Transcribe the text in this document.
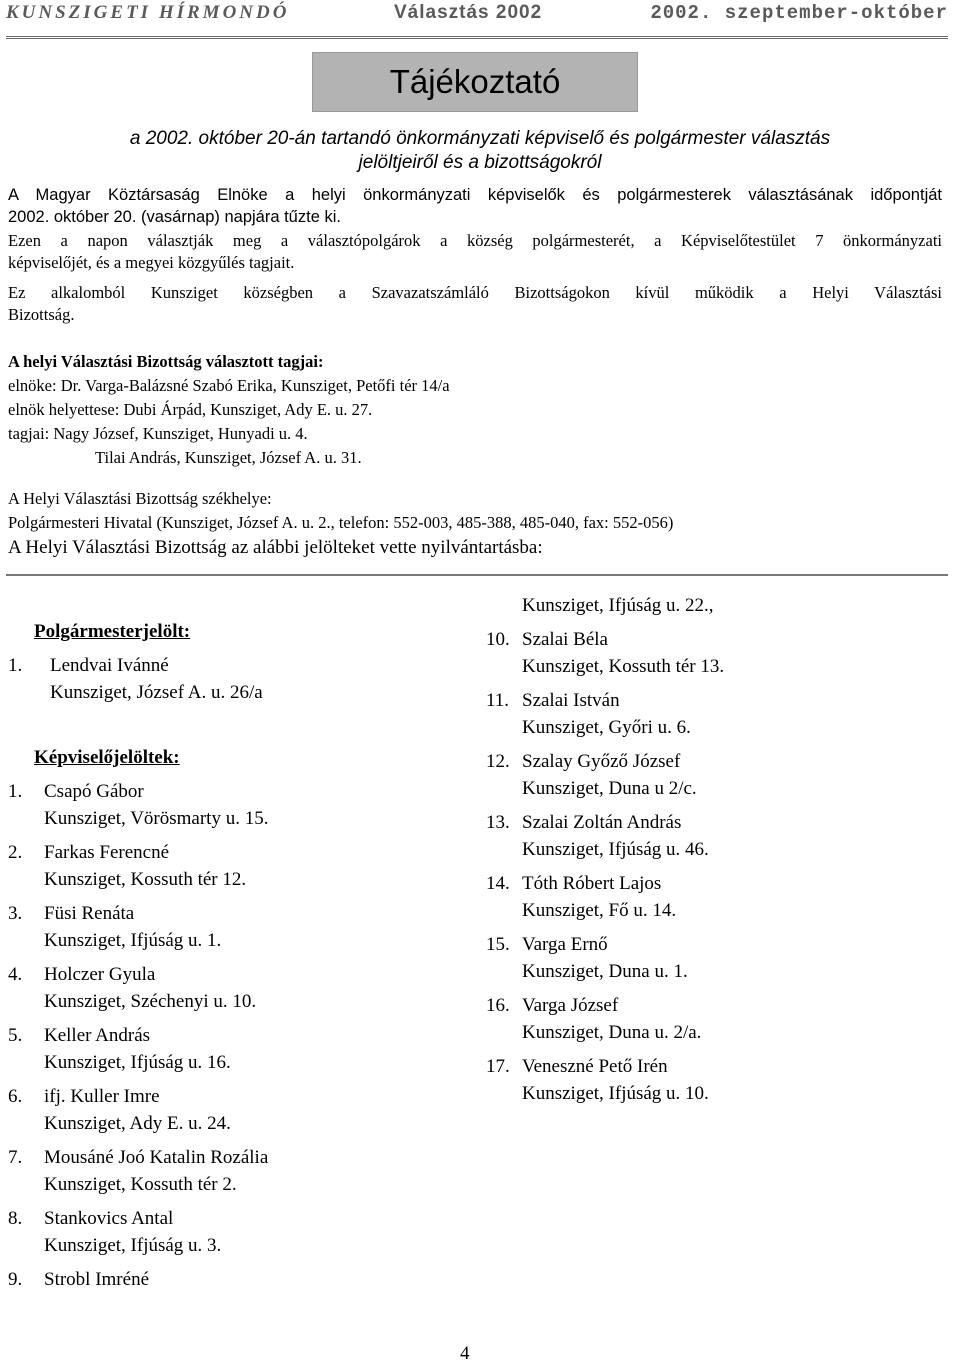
KUNSZIGETI HÍRMONDÓ	Választás 2002	2002. szeptember-október
Tájékoztató
a 2002. október 20-án tartandó önkormányzati képviselő és polgármester választás
jelöltjeiről és a bizottságokról
A Magyar Köztársaság Elnöke a helyi önkormányzati képviselők és polgármesterek választásának időpontját
2002. október 20. (vasárnap) napjára tűzte ki.
Ezen a napon választják meg a választópolgárok a község polgármesterét, a Képviselőtestület 7 önkormányzati
képviselőjét, és a megyei közgyűlés tagjait.
Ez alkalomból Kunsziget községben a Szavazatszámláló Bizottságokon kívül működik a Helyi Választási
Bizottság.
A helyi Választási Bizottság választott tagjai:
elnöke: Dr. Varga-Balázsné Szabó Erika, Kunsziget, Petőfi tér 14/a
elnök helyettese: Dubi Árpád, Kunsziget, Ady E. u. 27.
tagjai: Nagy József, Kunsziget, Hunyadi u. 4.
Tilai András, Kunsziget, József A. u. 31.
A Helyi Választási Bizottság székhelye:
Polgármesteri Hivatal (Kunsziget, József A. u. 2., telefon: 552-003, 485-388, 485-040, fax: 552-056)
A Helyi Választási Bizottság az alábbi jelölteket vette nyilvántartásba:
Polgármesterjelölt:
1.	Lendvai Ivánné
Kunsziget, József A. u. 26/a
Képviselőjelöltek:
1.	Csapó Gábor
Kunsziget, Vörösmarty u. 15.
2.	Farkas Ferencné
Kunsziget, Kossuth tér 12.
3.	Füsi Renáta
Kunsziget, Ifjúság u. 1.
4.	Holczer Gyula
Kunsziget, Széchenyi u. 10.
5.	Keller András
Kunsziget, Ifjúság u. 16.
6.	ifj. Kuller Imre
Kunsziget, Ady E. u. 24.
7.	Mousáné Joó Katalin Rozália
Kunsziget, Kossuth tér 2.
8.	Stankovics Antal
Kunsziget, Ifjúság u. 3.
9.	Strobl Imréné
Kunsziget, Ifjúság u. 22.,
10. Szalai Béla
Kunsziget, Kossuth tér 13.
11. Szalai István
Kunsziget, Győri u. 6.
12. Szalay Győző József
Kunsziget, Duna u 2/c.
13. Szalai Zoltán András
Kunsziget, Ifjúság u. 46.
14. Tóth Róbert Lajos
Kunsziget, Fő u. 14.
15. Varga Ernő
Kunsziget, Duna u. 1.
16. Varga József
Kunsziget, Duna u. 2/a.
17. Veneszné Pető Irén
Kunsziget, Ifjúság u. 10.
4
